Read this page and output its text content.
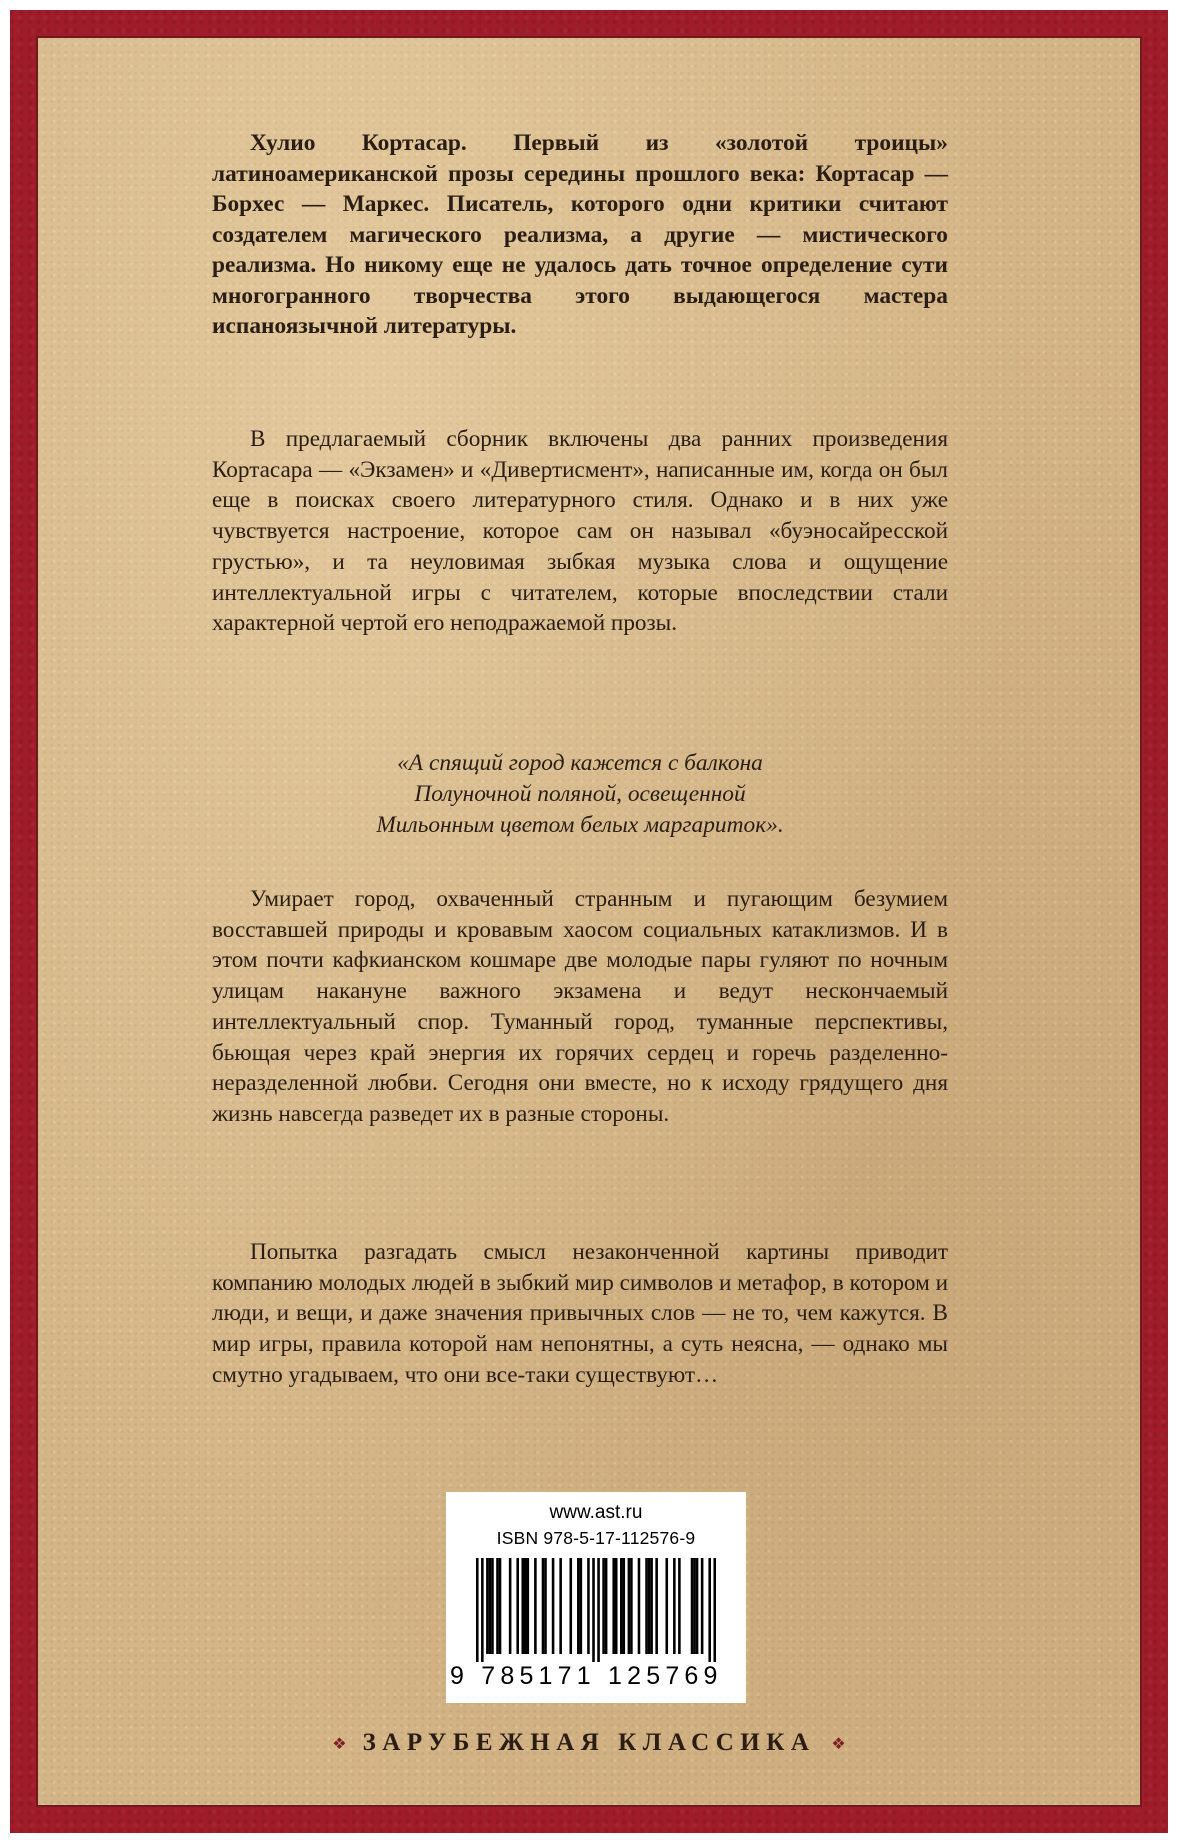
Хулио Кортасар. Первый из «золотой троицы» латиноамериканской прозы середины прошлого века: Кортасар — Борхес — Маркес. Писатель, которого одни критики считают создателем магического реализма, а другие — мистического реализма. Но никому еще не удалось дать точное определение сути многогранного творчества этого выдающегося мастера испаноязычной литературы.

В предлагаемый сборник включены два ранних произведения Кортасара — «Экзамен» и «Дивертисмент», написанные им, когда он был еще в поисках своего литературного стиля. Однако и в них уже чувствуется настроение, которое сам он называл «буэносайресской грустью», и та неуловимая зыбкая музыка слова и ощущение интеллектуальной игры с читателем, которые впоследствии стали характерной чертой его неподражаемой прозы.

«А спящий город кажется с балкона
Полуночной поляной, освещенной
Мильонным цветом белых маргариток».

Умирает город, охваченный странным и пугающим безумием восставшей природы и кровавым хаосом социальных катаклизмов. И в этом почти кафкианском кошмаре две молодые пары гуляют по ночным улицам накануне важного экзамена и ведут нескончаемый интеллектуальный спор. Туманный город, туманные перспективы, бьющая через край энергия их горячих сердец и горечь разделенно-неразделенной любви. Сегодня они вместе, но к исходу грядущего дня жизнь навсегда разведет их в разные стороны.

Попытка разгадать смысл незаконченной картины приводит компанию молодых людей в зыбкий мир символов и метафор, в котором и люди, и вещи, и даже значения привычных слов — не то, чем кажутся. В мир игры, правила которой нам непонятны, а суть неясна, — однако мы смутно угадываем, что они все-таки существуют…

www.ast.ru
ISBN 978-5-17-112576-9
9 785171 125769
❖ ЗАРУБЕЖНАЯ КЛАССИКА ❖
